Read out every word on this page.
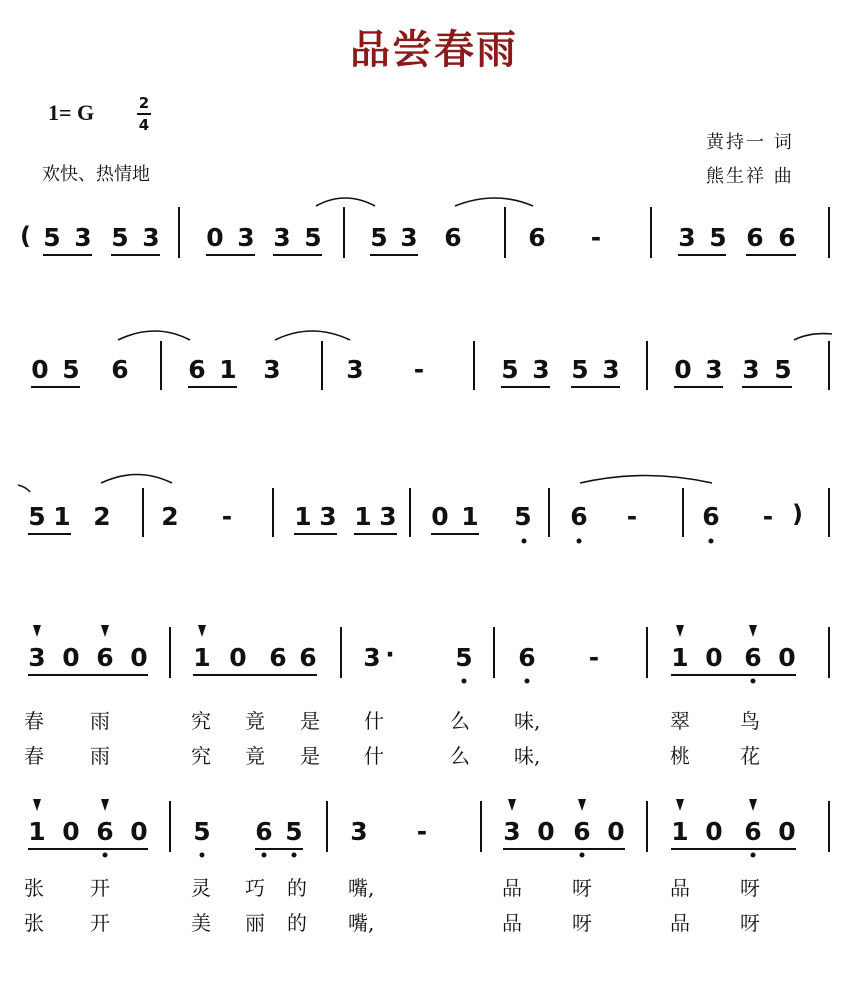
品尝春雨
1= G	2
4
欢快、热情地
黄持一 词
熊生祥 曲
(
)
5 3 5 3 0 3 3 5 5 3 6	6 -	3 5 6 6
0 5 6 6 1 3	3 -	5 3 5 3 0 3 3 5
5 1 2 2 - 1 3 1 3 0 1 5 6 -	6 -
3 0 6 0 1 0 6 6 3 · 5 6 -	1 0 6 0
春 雨	究 竟 是 什	么 味,	翠	鸟
春 雨	究 竟 是 什	么 味,	桃	花
1 0 6 0 5 6 5 3 -	3 0 6 0 1 0 6 0
张 开	灵 巧 的 嘴,	品	呀	品	呀
张 开	美 丽 的 嘴,	品	呀	品	呀
